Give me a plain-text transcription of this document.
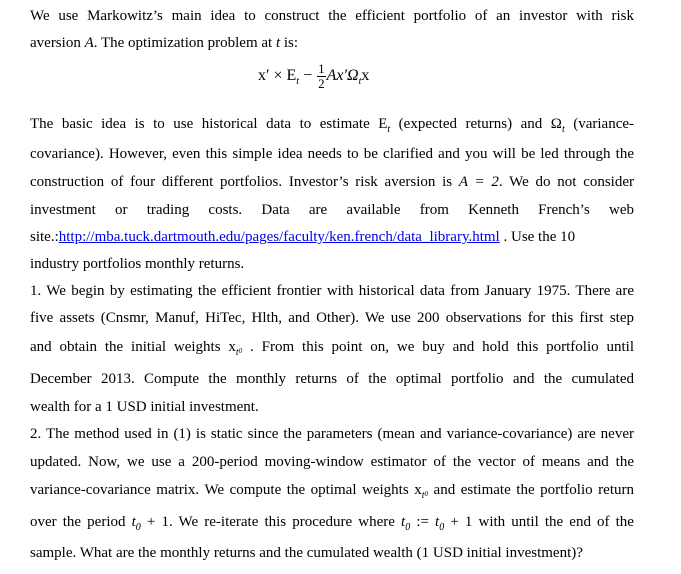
We use Markowitz’s main idea to construct the efficient portfolio of an investor with risk
aversion A. The optimization problem at t is:
$x' \times E_t - \frac{1}{2} Ax'\Omega_tx$
The basic idea is to use historical data to estimate $E_t$ (expected returns) and $\Omega_t$ (variance-
covariance). However, even this simple idea needs to be clarified and you will be led through the
construction of four different portfolios. Investor’s risk aversion is A = 2. We do not consider
investment or trading costs. Data are available from Kenneth French’s web
site.:http://mba.tuck.dartmouth.edu/pages/faculty/ken.french/data_library.html . Use the 10
industry portfolios monthly returns.
1. We begin by estimating the efficient frontier with historical data from January 1975. There are
five assets (Cnsmr, Manuf, HiTec, Hlth, and Other). We use 200 observations for this first step
and obtain the initial weights $x_t0$ . From this point on, we buy and hold this portfolio until
December 2013. Compute the monthly returns of the optimal portfolio and the cumulated
wealth for a 1 USD initial investment.
2. The method used in (1) is static since the parameters (mean and variance-covariance) are never
updated. Now, we use a 200-period moving-window estimator of the vector of means and the
variance-covariance matrix. We compute the optimal weights $x_t0$ and estimate the portfolio return
over the period $t_0 + 1$. We re-iterate this procedure where $t_0$ := $t_0 + 1$ with until the end of the
sample. What are the monthly returns and the cumulated wealth (1 USD initial investment)?
